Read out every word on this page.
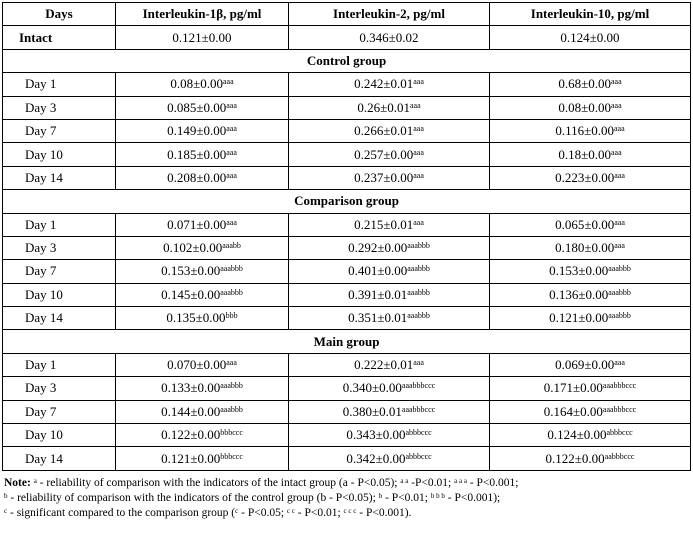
Days	Interleukin-1β, pg/ml	Interleukin-2, pg/ml	Interleukin-10, pg/ml
Intact	0.121±0.00	0.346±0.02	0.124±0.00
Control group			
Day 1	0.08±0.00$^{aaa}$	0.242±0.01$^{aaa}$	0.68±0.00$^{aaa}$
Day 3	0.085±0.00$^{aaa}$	0.26±0.01$^{aaa}$	0.08±0.00$^{aaa}$
Day 7	0.149±0.00$^{aaa}$	0.266±0.01$^{aaa}$	0.116±0.00$^{aaa}$
Day 10	0.185±0.00$^{aaa}$	0.257±0.00$^{aaa}$	0.18±0.00$^{aaa}$
Day 14	0.208±0.00$^{aaa}$	0.237±0.00$^{aaa}$	0.223±0.00$^{aaa}$
Comparison group			
Day 1	0.071±0.00$^{aaa}$	0.215±0.01$^{aaa}$	0.065±0.00$^{aaa}$
Day 3	$0.102\pm 0.00^{aaabb}$	$0.292\pm 0.00^{aaabbb}$	0.180±0.00$^{aaa}$
Day 7	$0.153\pm 0.00^{aaabbb}$	$0.401\pm 0.00^{aaabbb}$	$0.153\pm 0.00^{aaabbb}$
Day 10	$0.145\pm 0.00^{aaabbb}$	$0.391\pm 0.01^{aaabbb}$	$0.136\pm 0.00^{aaabbb}$
Day 14	0.135±0.00$^{bbb}$	$0.351\pm 0.01^{aaabbb}$	$0.121\pm 0.00^{aaabbb}$
Main group			
Day 1	0.070±0.00$^{aaa}$	0.222±0.01$^{aaa}$	0.069±0.00$^{aaa}$
Day 3	$0.133\pm 0.00^{aaabbb}$	$0.340\pm 0.00^{aaabbbccc}$	$0.171\pm 0.00^{aaabbbccc}$
Day 7	$0.144\pm 0.00^{aaabbb}$	$0.380\pm 0.01^{aaabbbccc}$	$0.164\pm 0.00^{aaabbbccc}$
Day 10	$0.122\pm 0.00^{bbbccc}$	$0.343\pm 0.00^{abbbccc}$	$0.124\pm 0.00^{abbbccc}$
Day 14	$0.121\pm 0.00^{bbbccc}$	$0.342\pm 0.00^{abbbccc}$	$0.122\pm 0.00^{aabbbccc}$
Note: $^a$ - reliability of comparison with the indicators of the intact group (a - P<0.05); $^{a a}$ -P<0.01; $^{a a a}$ - P<0.001;
$^b$ - reliability of comparison with the indicators of the control group (b - P<0.05); $^b$ - P<0.01; $^{b b b}$ - P<0.001);
$^c$ - significant compared to the comparison group ($^c$ - P<0.05; $^{c c}$ - P<0.01; $^{c c c}$ - P<0.001).
